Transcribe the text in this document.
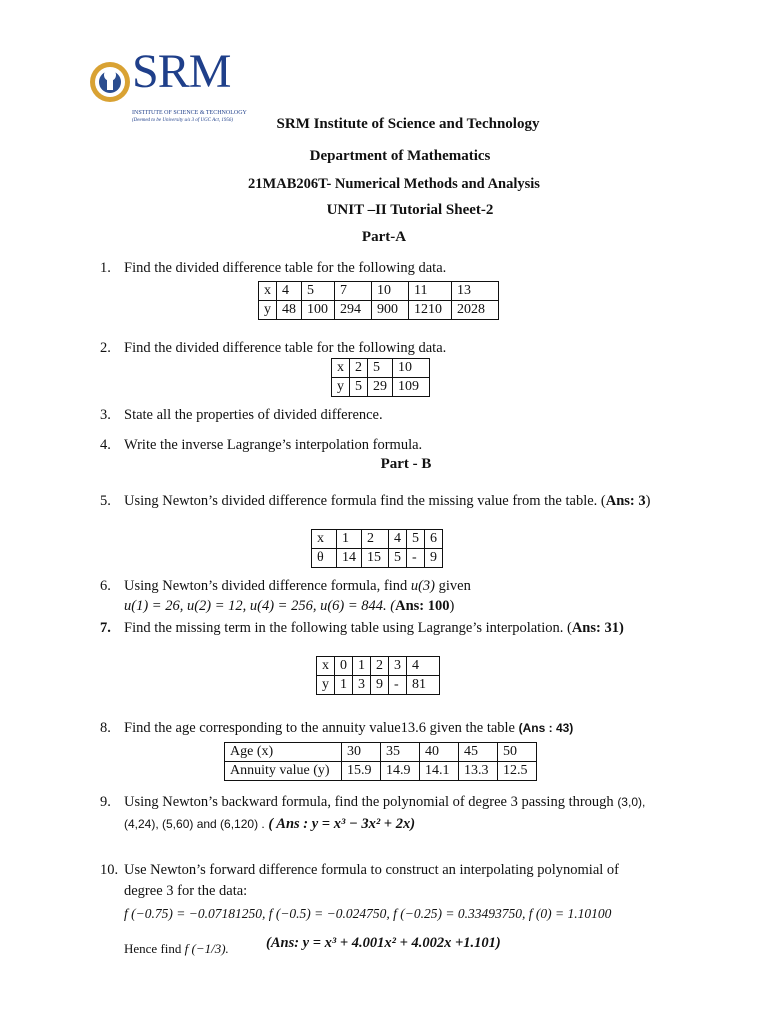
SRM
INSTITUTE OF SCIENCE & TECHNOLOGY
(Deemed to be University u/s 3 of UGC Act, 1956)	SRM Institute of Science and Technology
Department of Mathematics
21MAB206T- Numerical Methods and Analysis
UNIT –II Tutorial Sheet-2
Part-A
1. Find the divided difference table for the following data.
x	4	5	7	10	11	13
y	48	100	294	900	1210	2028
2. Find the divided difference table for the following data.
x	2	5	10
y	5	29	109
3. State all the properties of divided difference.
4. Write the inverse Lagrange’s interpolation formula.
Part - B
5. Using Newton’s divided difference formula find the missing value from the table. (Ans: 3)
x	1	2	4	5	6
θ	14	15	5	-	9
6. Using Newton’s divided difference formula, find u(3) given
u(1) = 26, u(2) = 12, u(4) = 256, u(6) = 844. (Ans: 100)
7. Find the missing term in the following table using Lagrange’s interpolation. (Ans: 31)
x	0	1	2	3	4
y	1	3	9	-	81
8. Find the age corresponding to the annuity value13.6 given the table (Ans : 43)
Age (x)	30	35	40	45	50
Annuity value (y)	15.9	14.9	14.1	13.3	12.5
9. Using Newton’s backward formula, find the polynomial of degree 3 passing through (3,0),
(4,24), (5,60) and (6,120) . ( Ans : y = x³ − 3x² + 2x)
10. Use Newton’s forward difference formula to construct an interpolating polynomial of
degree 3 for the data:
f (−0.75) = −0.07181250, f (−0.5) = −0.024750, f (−0.25) = 0.33493750, f (0) = 1.10100
Hence find f (−1/3).	(Ans: y = x³ + 4.001x² + 4.002x +1.101)
